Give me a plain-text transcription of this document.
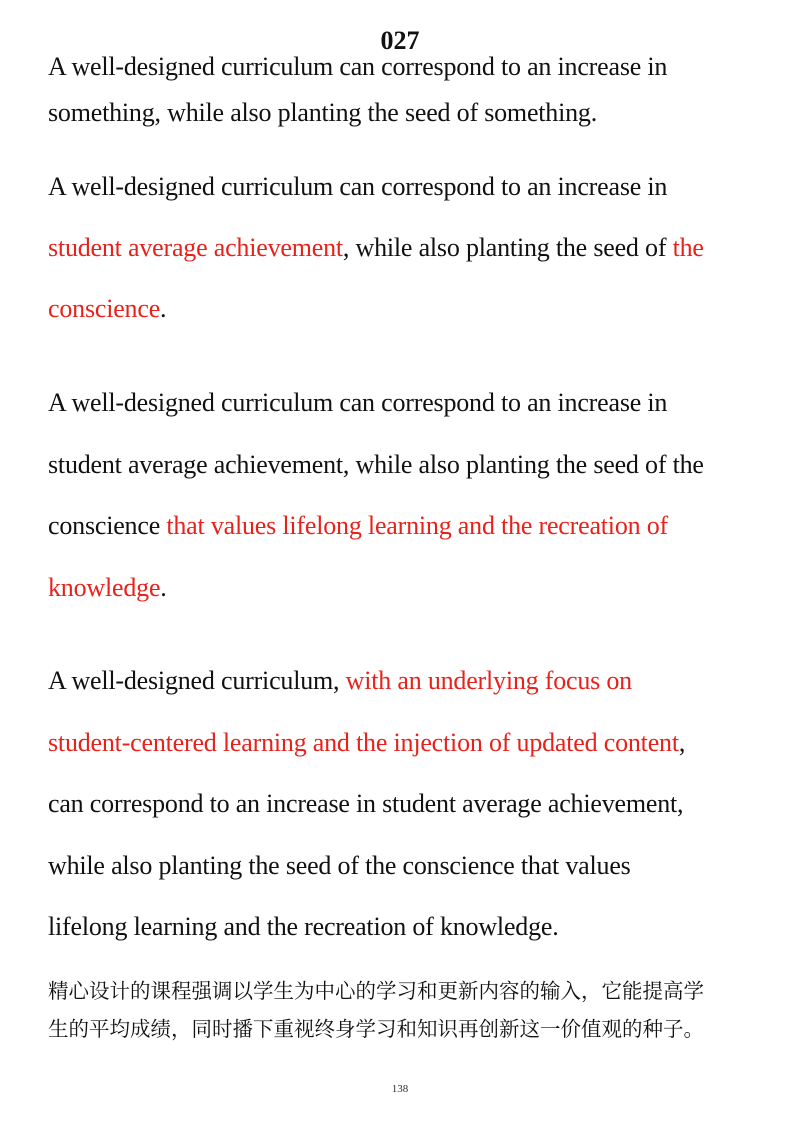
027
A well-designed curriculum can correspond to an increase in
something, while also planting the seed of something.
A well-designed curriculum can correspond to an increase in
student average achievement, while also planting the seed of the
conscience.
A well-designed curriculum can correspond to an increase in
student average achievement, while also planting the seed of the
conscience that values lifelong learning and the recreation of
knowledge.
A well-designed curriculum, with an underlying focus on
student-centered learning and the injection of updated content,
can correspond to an increase in student average achievement,
while also planting the seed of the conscience that values
lifelong learning and the recreation of knowledge.
精心设计的课程强调以学生为中心的学习和更新内容的输入，它能提高学
生的平均成绩，同时播下重视终身学习和知识再创新这一价值观的种子。
138
